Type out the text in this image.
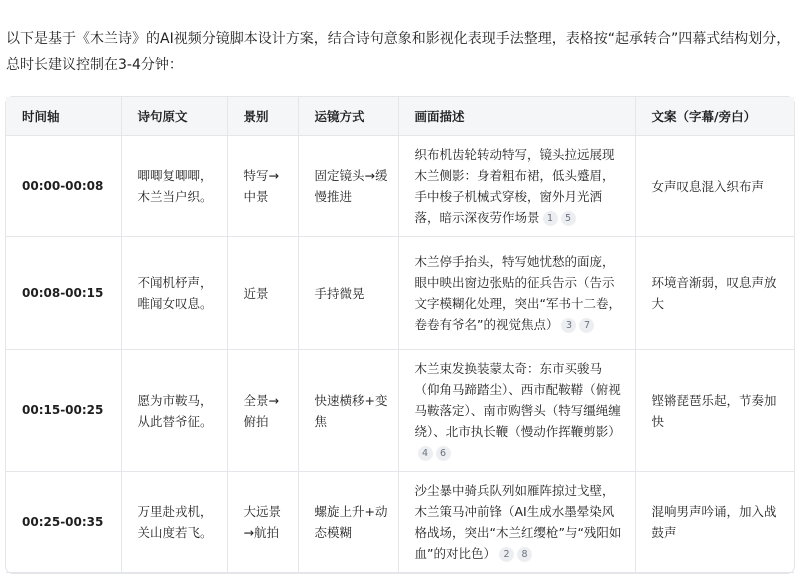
以下是基于《木兰诗》的AI视频分镜脚本设计方案，结合诗句意象和影视化表现手法整理，表格按“起承转合”四幕式结构划分，总时长建议控制在3-4分钟：

时间轴	诗句原文	景别	运镜方式	画面描述	文案（字幕/旁白）
00:00-00:08	唧唧复唧唧，木兰当户织。	特写→中景	固定镜头→缓慢推进	织布机齿轮转动特写，镜头拉远展现木兰侧影：身着粗布裙，低头蹙眉，手中梭子机械式穿梭，窗外月光洒落，暗示深夜劳作场景 1 5	女声叹息混入织布声
00:08-00:15	不闻机杼声，唯闻女叹息。	近景	手持微晃	木兰停手抬头，特写她忧愁的面庞，眼中映出窗边张贴的征兵告示（告示文字模糊化处理，突出“军书十二卷，卷卷有爷名”的视觉焦点） 3 7	环境音渐弱，叹息声放大
00:15-00:25	愿为市鞍马，从此替爷征。	全景→俯拍	快速横移+变焦	木兰束发换装蒙太奇：东市买骏马（仰角马蹄踏尘）、西市配鞍鞯（俯视马鞍落定）、南市购辔头（特写缰绳缠绕）、北市执长鞭（慢动作挥鞭剪影）4 6	铿锵琵琶乐起，节奏加快
00:25-00:35	万里赴戎机，关山度若飞。	大远景→航拍	螺旋上升+动态模糊	沙尘暴中骑兵队列如雁阵掠过戈壁，木兰策马冲前锋（AI生成水墨晕染风格战场，突出“木兰红缨枪”与“残阳如血”的对比色） 2 8	混响男声吟诵，加入战鼓声
